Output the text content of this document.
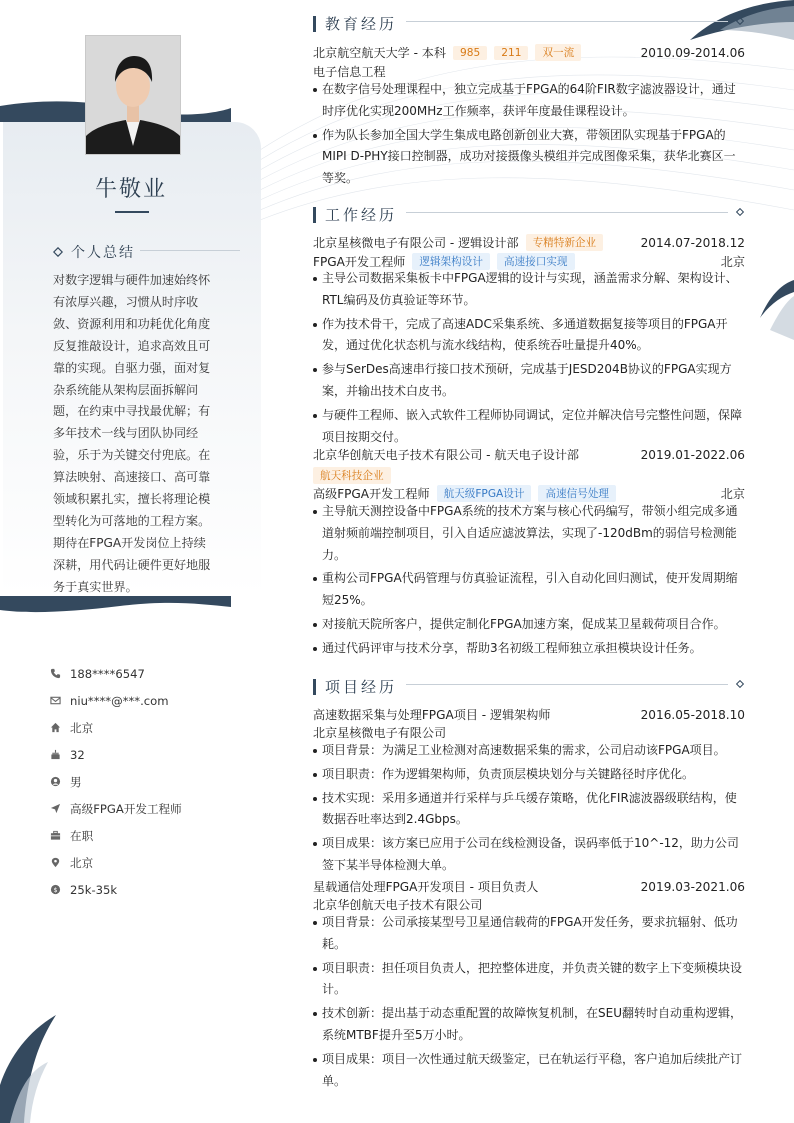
牛敬业
个人总结
对数字逻辑与硬件加速始终怀有浓厚兴趣，习惯从时序收敛、资源利用和功耗优化角度反复推敲设计，追求高效且可靠的实现。自驱力强，面对复杂系统能从架构层面拆解问题，在约束中寻找最优解；有多年技术一线与团队协同经验，乐于为关键交付兜底。在算法映射、高速接口、高可靠领域积累扎实，擅长将理论模型转化为可落地的工程方案。期待在FPGA开发岗位上持续深耕，用代码让硬件更好地服务于真实世界。
188****6547
niu****@***.com
北京
32
男
高级FPGA开发工程师
在职
北京
$ 25k-35k
教育经历
北京航空航天大学 - 本科	985	211	双一流	2010.09-2014.06
电子信息工程
在数字信号处理课程中，独立完成基于FPGA的64阶FIR数字滤波器设计，通过时序优化实现200MHz工作频率，获评年度最佳课程设计。
作为队长参加全国大学生集成电路创新创业大赛，带领团队实现基于FPGA的MIPI D-PHY接口控制器，成功对接摄像头模组并完成图像采集，获华北赛区一等奖。
工作经历
北京星核微电子有限公司 - 逻辑设计部	专精特新企业	2014.07-2018.12
FPGA开发工程师	逻辑架构设计	高速接口实现	北京
主导公司数据采集板卡中FPGA逻辑的设计与实现，涵盖需求分解、架构设计、RTL编码及仿真验证等环节。
作为技术骨干，完成了高速ADC采集系统、多通道数据复接等项目的FPGA开发，通过优化状态机与流水线结构，使系统吞吐量提升40%。
参与SerDes高速串行接口技术预研，完成基于JESD204B协议的FPGA实现方案，并输出技术白皮书。
与硬件工程师、嵌入式软件工程师协同调试，定位并解决信号完整性问题，保障项目按期交付。
北京华创航天电子技术有限公司 - 航天电子设计部	2019.01-2022.06
航天科技企业
高级FPGA开发工程师	航天级FPGA设计	高速信号处理	北京
主导航天测控设备中FPGA系统的技术方案与核心代码编写，带领小组完成多通道射频前端控制项目，引入自适应滤波算法，实现了-120dBm的弱信号检测能力。
重构公司FPGA代码管理与仿真验证流程，引入自动化回归测试，使开发周期缩短25%。
对接航天院所客户，提供定制化FPGA加速方案，促成某卫星载荷项目合作。
通过代码评审与技术分享，帮助3名初级工程师独立承担模块设计任务。
项目经历
高速数据采集与处理FPGA项目 - 逻辑架构师	2016.05-2018.10
北京星核微电子有限公司
项目背景：为满足工业检测对高速数据采集的需求，公司启动该FPGA项目。
项目职责：作为逻辑架构师，负责顶层模块划分与关键路径时序优化。
技术实现：采用多通道并行采样与乒乓缓存策略，优化FIR滤波器级联结构，使数据吞吐率达到2.4Gbps。
项目成果：该方案已应用于公司在线检测设备，误码率低于10^-12，助力公司签下某半导体检测大单。
星载通信处理FPGA开发项目 - 项目负责人	2019.03-2021.06
北京华创航天电子技术有限公司
项目背景：公司承接某型号卫星通信载荷的FPGA开发任务，要求抗辐射、低功耗。
项目职责：担任项目负责人，把控整体进度，并负责关键的数字上下变频模块设计。
技术创新：提出基于动态重配置的故障恢复机制，在SEU翻转时自动重构逻辑，系统MTBF提升至5万小时。
项目成果：项目一次性通过航天级鉴定，已在轨运行平稳，客户追加后续批产订单。
